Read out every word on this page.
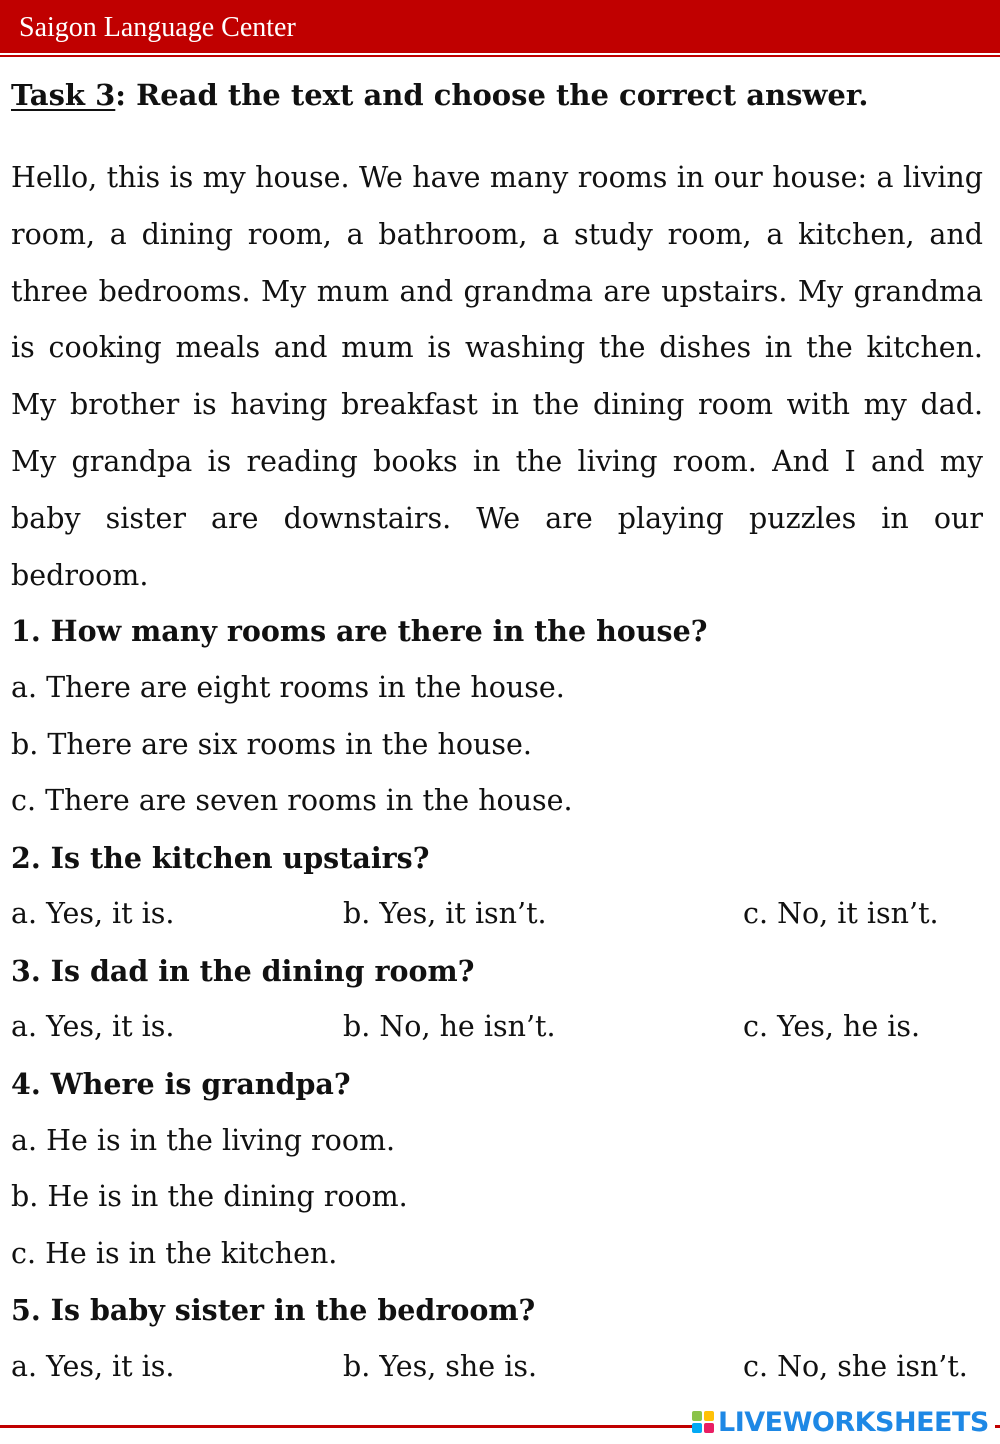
Saigon Language Center
Task 3: Read the text and choose the correct answer.
Hello, this is my house. We have many rooms in our house: a living room, a dining room, a bathroom, a study room, a kitchen, and three bedrooms. My mum and grandma are upstairs. My grandma is cooking meals and mum is washing the dishes in the kitchen. My brother is having breakfast in the dining room with my dad. My grandpa is reading books in the living room. And I and my baby sister are downstairs. We are playing puzzles in our bedroom.
1. How many rooms are there in the house?
a. There are eight rooms in the house.
b. There are six rooms in the house.
c. There are seven rooms in the house.
2. Is the kitchen upstairs?
a. Yes, it is.	b. Yes, it isn’t.	c. No, it isn’t.
3. Is dad in the dining room?
a. Yes, it is.	b. No, he isn’t.	c. Yes, he is.
4. Where is grandpa?
a. He is in the living room.
b. He is in the dining room.
c. He is in the kitchen.
5. Is baby sister in the bedroom?
a. Yes, it is.	b. Yes, she is.	c. No, she isn’t.
LIVEWORKSHEETS
